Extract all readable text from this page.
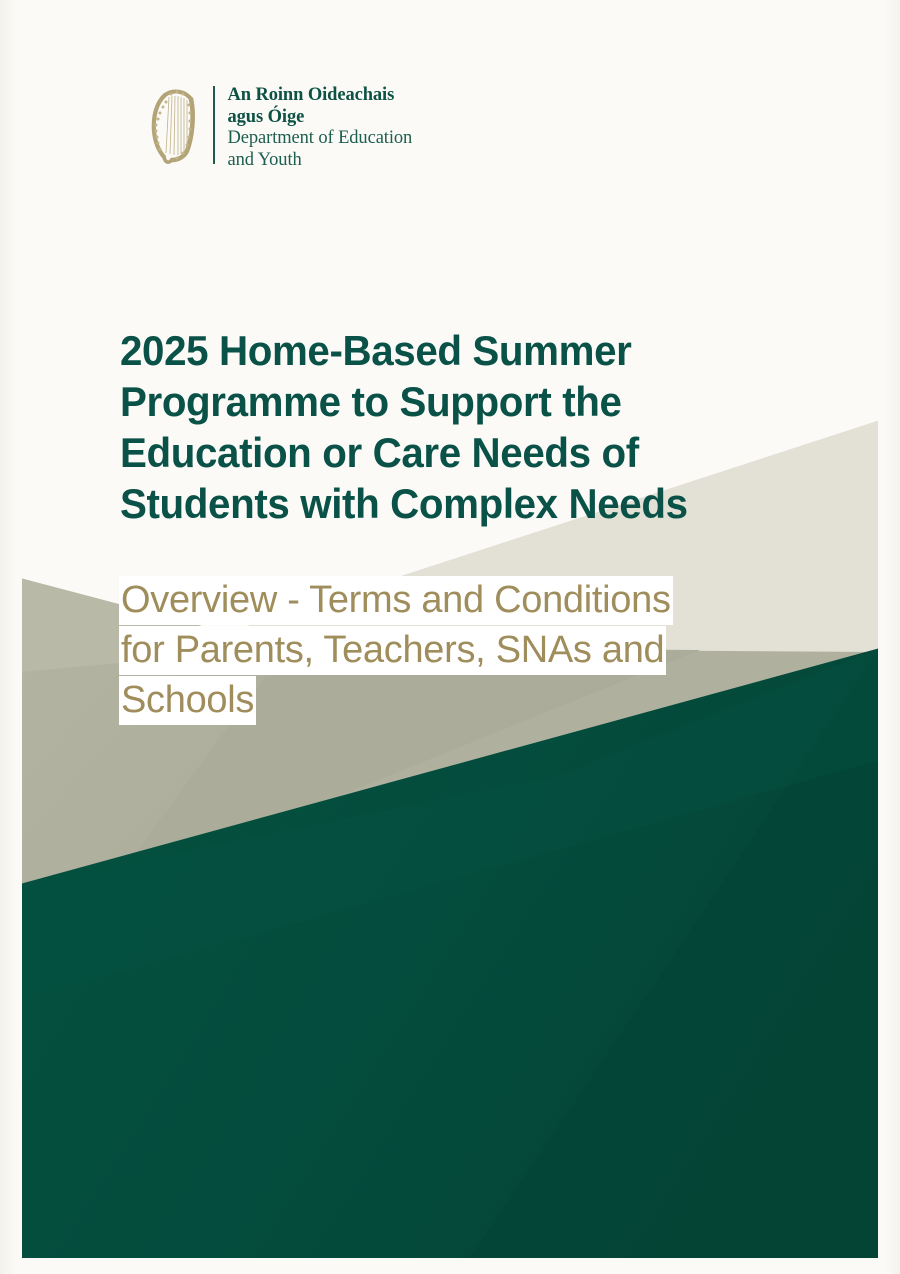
An Roinn Oideachais
agus Óige
Department of Education
and Youth
2025 Home-Based Summer
Programme to Support the
Education or Care Needs of
Students with Complex Needs
Overview - Terms and Conditions
for Parents, Teachers, SNAs and
Schools
